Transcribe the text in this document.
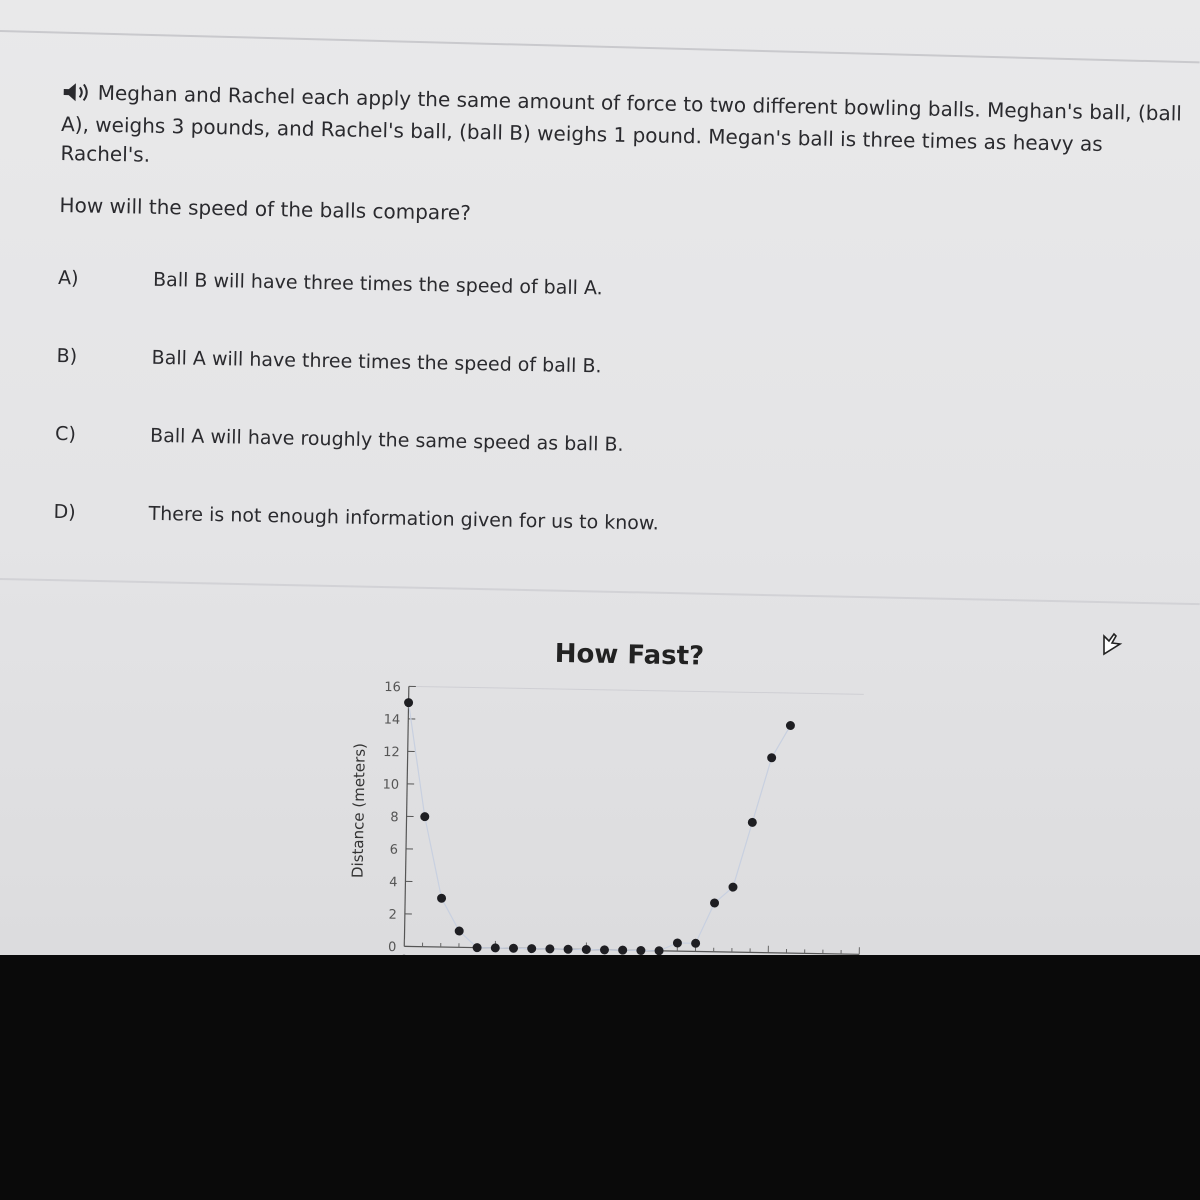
Meghan and Rachel each apply the same amount of force to two different bowling balls. Meghan's ball, (ball A), weighs 3 pounds, and Rachel's ball, (ball B) weighs 1 pound. Megan's ball is three times as heavy as Rachel's.

How will the speed of the balls compare?
A)	Ball B will have three times the speed of ball A.
B)	Ball A will have three times the speed of ball B.
C)	Ball A will have roughly the same speed as ball B.
D)	There is not enough information given for us to know.
How Fast?
Distance (meters)
0
2
4
6
8
10
12
14
16
